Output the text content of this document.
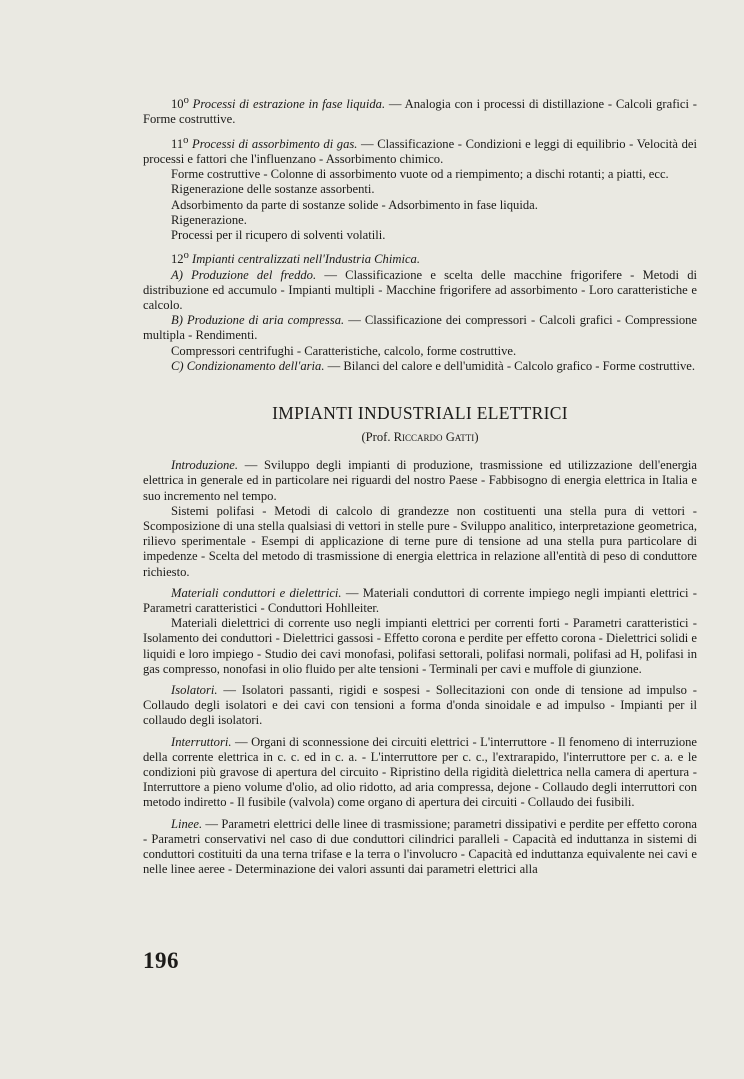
10$^o$ Processi di estrazione in fase liquida. — Analogia con i processi di distillazione - Calcoli grafici - Forme costruttive.

11$^o$ Processi di assorbimento di gas. — Classificazione - Condizioni e leggi di equilibrio - Velocità dei processi e fattori che l'influenzano - Assorbimento chimico.

Forme costruttive - Colonne di assorbimento vuote od a riempimento; a dischi rotanti; a piatti, ecc.

Rigenerazione delle sostanze assorbenti.

Adsorbimento da parte di sostanze solide - Adsorbimento in fase liquida.

Rigenerazione.

Processi per il ricupero di solventi volatili.

12$^o$ Impianti centralizzati nell'Industria Chimica.

A) Produzione del freddo. — Classificazione e scelta delle macchine frigorifere - Metodi di distribuzione ed accumulo - Impianti multipli - Macchine frigorifere ad assorbimento - Loro caratteristiche e calcolo.

B) Produzione di aria compressa. — Classificazione dei compressori - Calcoli grafici - Compressione multipla - Rendimenti.

Compressori centrifughi - Caratteristiche, calcolo, forme costruttive.

C) Condizionamento dell'aria. — Bilanci del calore e dell'umidità - Calcolo grafico - Forme costruttive.

IMPIANTI INDUSTRIALI ELETTRICI
(Prof. Riccardo Gatti)

Introduzione. — Sviluppo degli impianti di produzione, trasmissione ed utilizzazione dell'energia elettrica in generale ed in particolare nei riguardi del nostro Paese - Fabbisogno di energia elettrica in Italia e suo incremento nel tempo.

Sistemi polifasi - Metodi di calcolo di grandezze non costituenti una stella pura di vettori - Scomposizione di una stella qualsiasi di vettori in stelle pure - Sviluppo analitico, interpretazione geometrica, rilievo sperimentale - Esempi di applicazione di terne pure di tensione ad una stella pura particolare di impedenze - Scelta del metodo di trasmissione di energia elettrica in relazione all'entità di peso di conduttore richiesto.

Materiali conduttori e dielettrici. — Materiali conduttori di corrente impiego negli impianti elettrici - Parametri caratteristici - Conduttori Hohlleiter.

Materiali dielettrici di corrente uso negli impianti elettrici per correnti forti - Parametri caratteristici - Isolamento dei conduttori - Dielettrici gassosi - Effetto corona e perdite per effetto corona - Dielettrici solidi e liquidi e loro impiego - Studio dei cavi monofasi, polifasi settorali, polifasi normali, polifasi ad H, polifasi in gas compresso, nonofasi in olio fluido per alte tensioni - Terminali per cavi e muffole di giunzione.

Isolatori. — Isolatori passanti, rigidi e sospesi - Sollecitazioni con onde di tensione ad impulso - Collaudo degli isolatori e dei cavi con tensioni a forma d'onda sinoidale e ad impulso - Impianti per il collaudo degli isolatori.

Interruttori. — Organi di sconnessione dei circuiti elettrici - L'interruttore - Il fenomeno di interruzione della corrente elettrica in c. c. ed in c. a. - L'interruttore per c. c., l'extrarapido, l'interruttore per c. a. e le condizioni più gravose di apertura del circuito - Ripristino della rigidità dielettrica nella camera di apertura - Interruttore a pieno volume d'olio, ad olio ridotto, ad aria compressa, dejone - Collaudo degli interruttori con metodo indiretto - Il fusibile (valvola) come organo di apertura dei circuiti - Collaudo dei fusibili.

Linee. — Parametri elettrici delle linee di trasmissione; parametri dissipativi e perdite per effetto corona - Parametri conservativi nel caso di due conduttori cilindrici paralleli - Capacità ed induttanza in sistemi di conduttori costituiti da una terna trifase e la terra o l'involucro - Capacità ed induttanza equivalente nei cavi e nelle linee aeree - Determinazione dei valori assunti dai parametri elettrici alla

196
